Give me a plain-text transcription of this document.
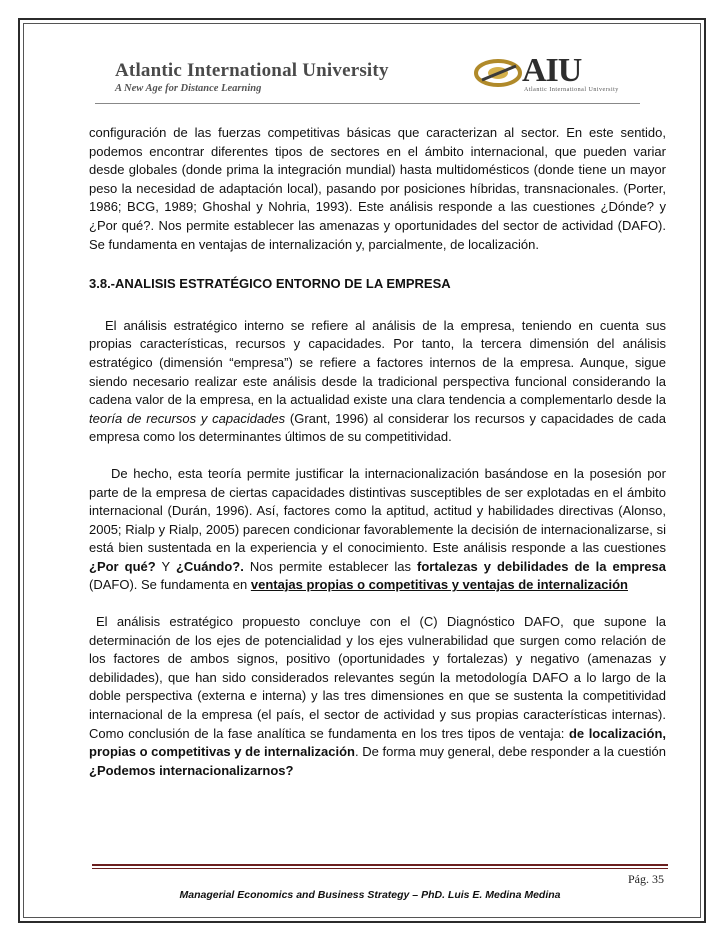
Atlantic International University
A New Age for Distance Learning	AIU
Atlantic International University

configuración de las fuerzas competitivas básicas que caracterizan al sector. En este sentido, podemos encontrar diferentes tipos de sectores en el ámbito internacional, que pueden variar desde globales (donde prima la integración mundial) hasta multidomésticos (donde tiene un mayor peso la necesidad de adaptación local), pasando por posiciones híbridas, transnacionales. (Porter, 1986; BCG, 1989; Ghoshal y Nohria, 1993). Este análisis responde a las cuestiones ¿Dónde? y ¿Por qué?. Nos permite establecer las amenazas y oportunidades del sector de actividad (DAFO). Se fundamenta en ventajas de internalización y, parcialmente, de localización.

3.8.-ANALISIS ESTRATÉGICO ENTORNO DE LA EMPRESA

El análisis estratégico interno se refiere al análisis de la empresa, teniendo en cuenta sus propias características, recursos y capacidades. Por tanto, la tercera dimensión del análisis estratégico (dimensión “empresa”) se refiere a factores internos de la empresa. Aunque, sigue siendo necesario realizar este análisis desde la tradicional perspectiva funcional considerando la cadena valor de la empresa, en la actualidad existe una clara tendencia a complementarlo desde la teoría de recursos y capacidades (Grant, 1996) al considerar los recursos y capacidades de cada empresa como los determinantes últimos de su competitividad.

De hecho, esta teoría permite justificar la internacionalización basándose en la posesión por parte de la empresa de ciertas capacidades distintivas susceptibles de ser explotadas en el ámbito internacional (Durán, 1996). Así, factores como la aptitud, actitud y habilidades directivas (Alonso, 2005; Rialp y Rialp, 2005) parecen condicionar favorablemente la decisión de internacionalizarse, si está bien sustentada en la experiencia y el conocimiento. Este análisis responde a las cuestiones ¿Por qué? Y ¿Cuándo?. Nos permite establecer las fortalezas y debilidades de la empresa (DAFO). Se fundamenta en ventajas propias o competitivas y ventajas de internalización

El análisis estratégico propuesto concluye con el (C) Diagnóstico DAFO, que supone la determinación de los ejes de potencialidad y los ejes vulnerabilidad que surgen como relación de los factores de ambos signos, positivo (oportunidades y fortalezas) y negativo (amenazas y debilidades), que han sido considerados relevantes según la metodología DAFO a lo largo de la doble perspectiva (externa e interna) y las tres dimensiones en que se sustenta la competitividad internacional de la empresa (el país, el sector de actividad y sus propias características internas). Como conclusión de la fase analítica se fundamenta en los tres tipos de ventaja: de localización, propias o competitivas y de internalización. De forma muy general, debe responder a la cuestión ¿Podemos internacionalizarnos?

Pág. 35
Managerial Economics and Business Strategy – PhD. Luis E. Medina Medina
